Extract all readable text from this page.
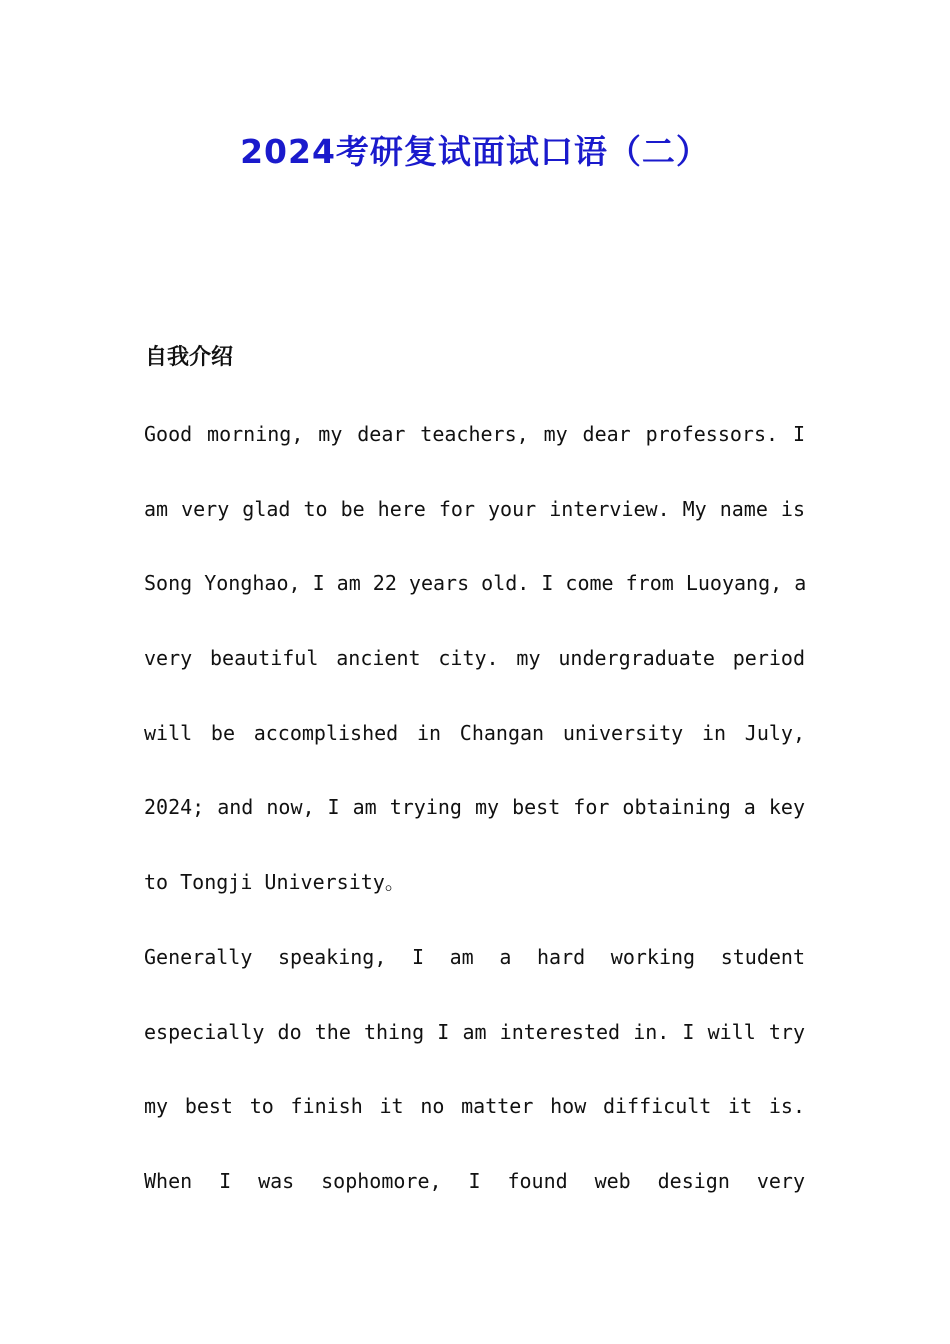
2024考研复试面试口语（二）
自我介绍
Good morning, my dear teachers, my dear professors. I
am very glad to be here for your interview. My name is
Song Yonghao, I am 22 years old. I come from Luoyang, a
very beautiful ancient city. my undergraduate period
will be accomplished in Changan university in July,
2024; and now, I am trying my best for obtaining a key
to Tongji University。
Generally speaking, I am a hard working student
especially do the thing I am interested in. I will try
my best to finish it no matter how difficult it is.
When I was sophomore, I found web design very
